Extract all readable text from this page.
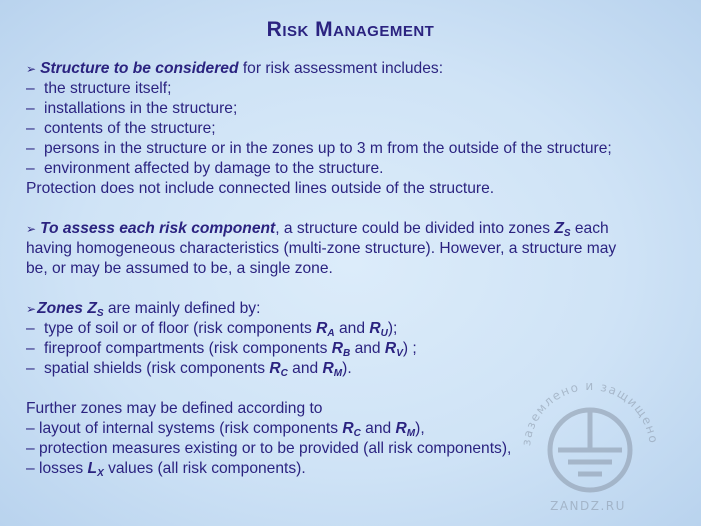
Risk Management
➢ Structure to be considered for risk assessment includes:
– the structure itself;
– installations in the structure;
– contents of the structure;
– persons in the structure or in the zones up to 3 m from the outside of the structure;
– environment affected by damage to the structure.
Protection does not include connected lines outside of the structure.
➢ To assess each risk component, a structure could be divided into zones $Z_S$ each
having homogeneous characteristics (multi-zone structure). However, a structure may
be, or may be assumed to be, a single zone.
➢Zones $Z_S$ are mainly defined by:
– type of soil or of floor (risk components $R_A$ and $R_U$);
– fireproof compartments (risk components $R_B$ and $R_V$) ;
– spatial shields (risk components $R_C$ and $R_M$).
Further zones may be defined according to
– layout of internal systems (risk components $R_C$ and $R_M$),
– protection measures existing or to be provided (all risk components),
– losses $L_X$ values (all risk components).
заземлено и защищено
ZANDZ.RU
